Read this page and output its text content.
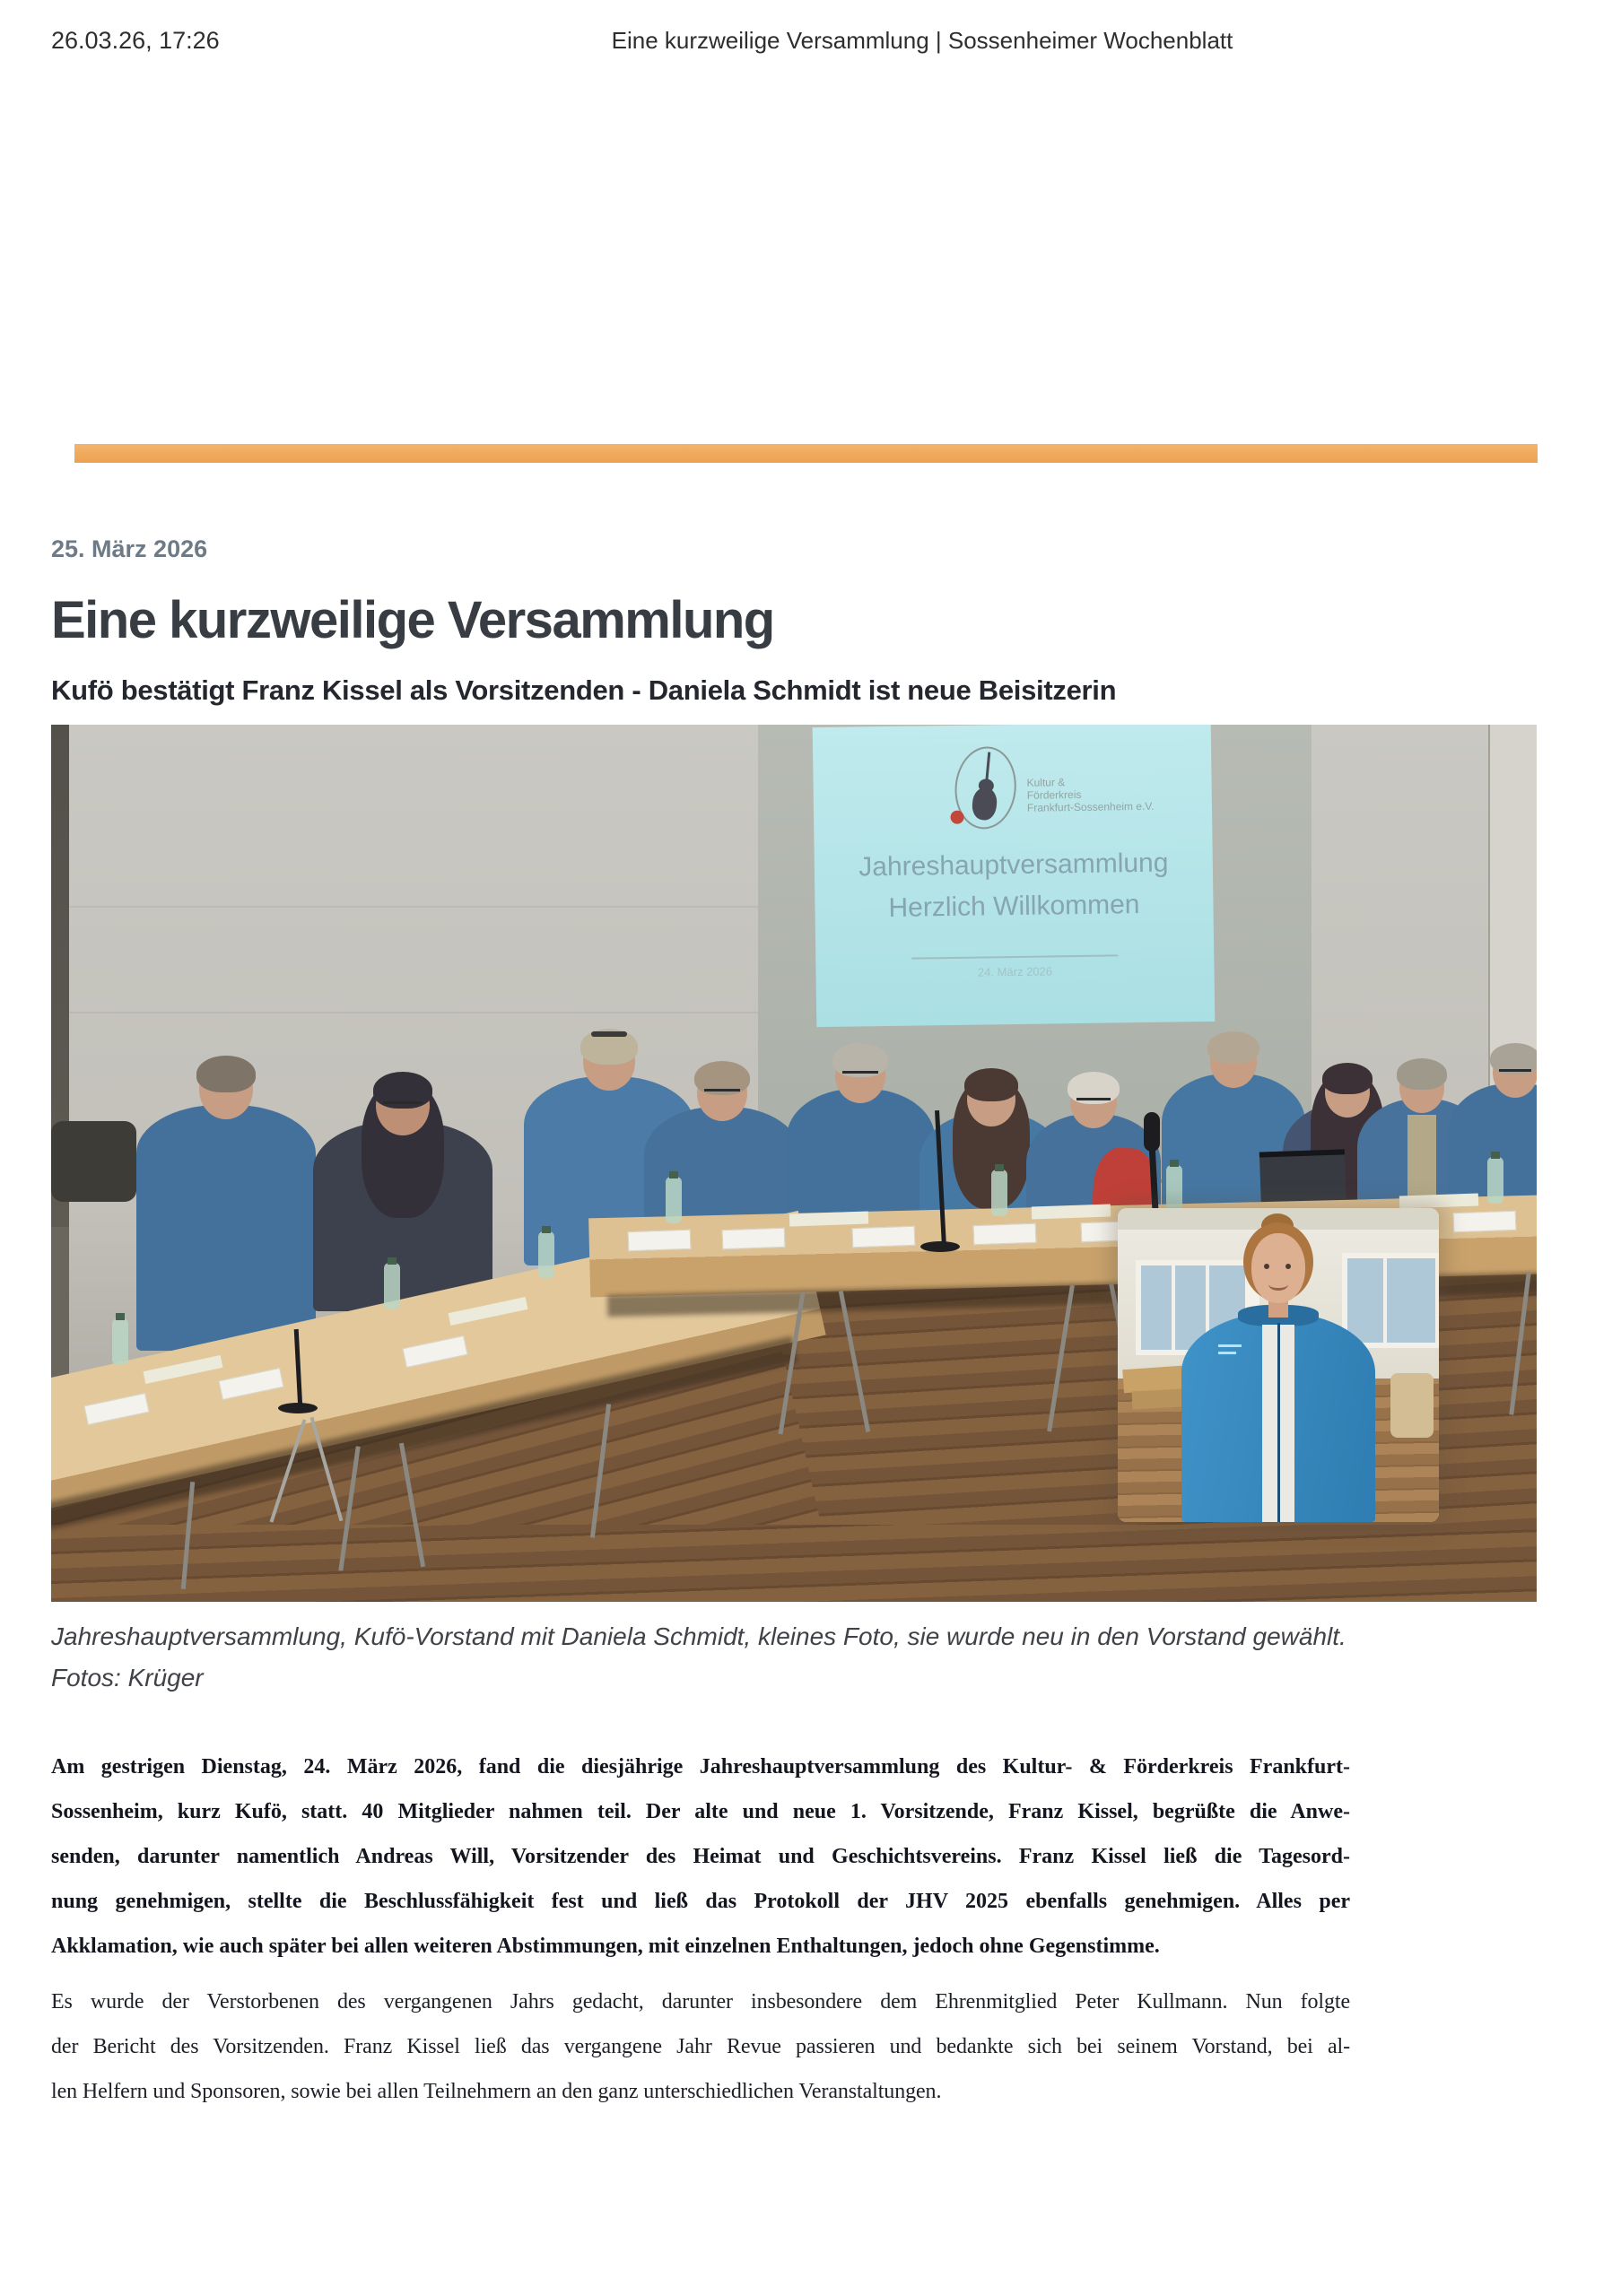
26.03.26, 17:26	Eine kurzweilige Versammlung | Sossenheimer Wochenblatt
25. März 2026
Eine kurzweilige Versammlung
Kufö bestätigt Franz Kissel als Vorsitzenden - Daniela Schmidt ist neue Beisitzerin
Kultur &
Förderkreis
Frankfurt-Sossenheim e.V.
Jahreshauptversammlung
Herzlich Willkommen
24. März 2026
Jahreshauptversammlung, Kufö-Vorstand mit Daniela Schmidt, kleines Foto, sie wurde neu in den Vorstand gewählt.
Fotos: Krüger
Am gestrigen Dienstag, 24. März 2026, fand die diesjährige Jahreshauptversammlung des Kultur- & Förderkreis Frankfurt-
Sossenheim, kurz Kufö, statt. 40 Mitglieder nahmen teil. Der alte und neue 1. Vorsitzende, Franz Kissel, begrüßte die Anwe-
senden, darunter namentlich Andreas Will, Vorsitzender des Heimat und Geschichtsvereins. Franz Kissel ließ die Tagesord-
nung genehmigen, stellte die Beschlussfähigkeit fest und ließ das Protokoll der JHV 2025 ebenfalls genehmigen. Alles per
Akklamation, wie auch später bei allen weiteren Abstimmungen, mit einzelnen Enthaltungen, jedoch ohne Gegenstimme.
Es wurde der Verstorbenen des vergangenen Jahrs gedacht, darunter insbesondere dem Ehrenmitglied Peter Kullmann. Nun folgte
der Bericht des Vorsitzenden. Franz Kissel ließ das vergangene Jahr Revue passieren und bedankte sich bei seinem Vorstand, bei al-
len Helfern und Sponsoren, sowie bei allen Teilnehmern an den ganz unterschiedlichen Veranstaltungen.
